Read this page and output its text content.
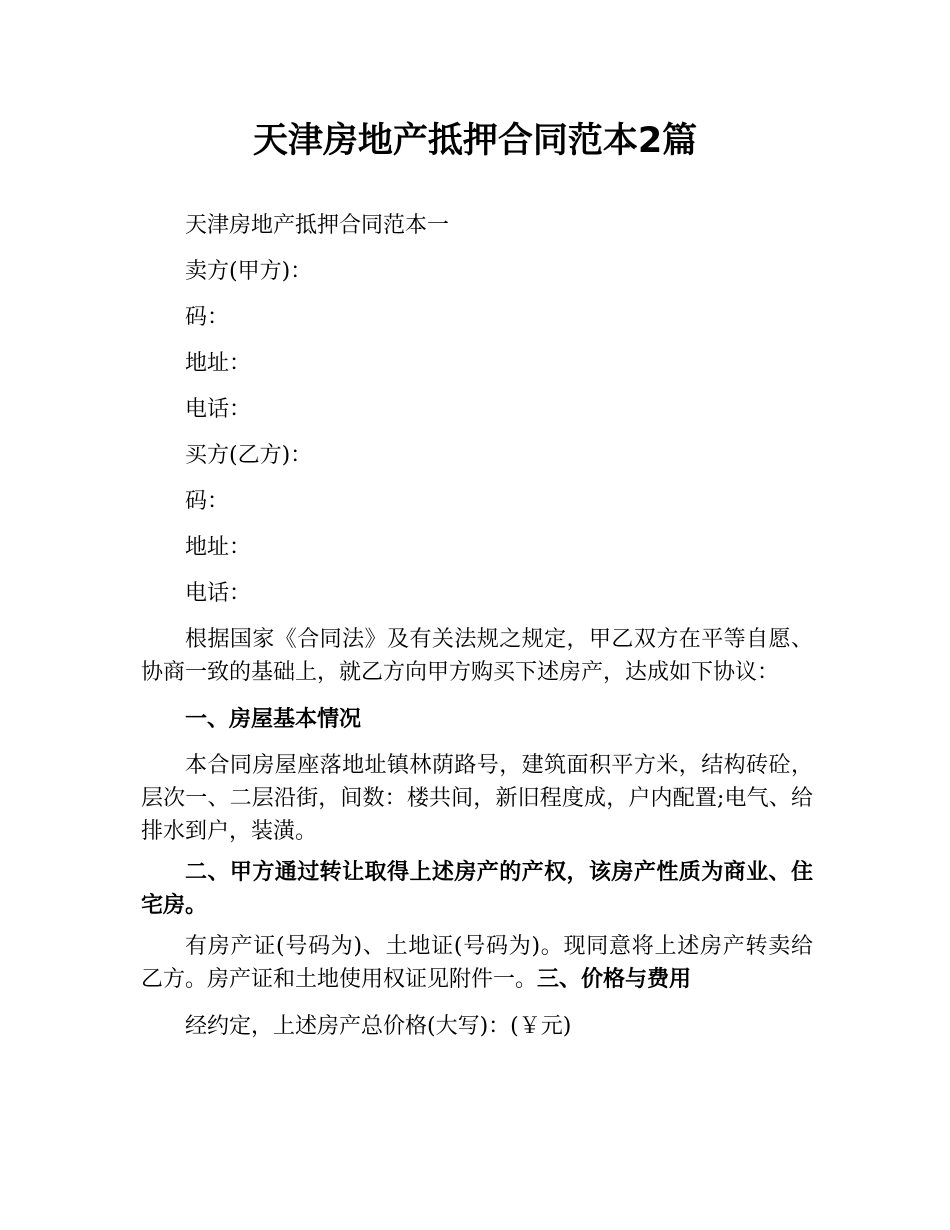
天津房地产抵押合同范本2篇

天津房地产抵押合同范本一

卖方(甲方)：

码：

地址：

电话：

买方(乙方)：

码：

地址：

电话：

根据国家《合同法》及有关法规之规定，甲乙双方在平等自愿、协商一致的基础上，就乙方向甲方购买下述房产，达成如下协议：

一、房屋基本情况

本合同房屋座落地址镇林荫路号，建筑面积平方米，结构砖砼，层次一、二层沿街，间数：楼共间，新旧程度成，户内配置;电气、给排水到户，装潢。

二、甲方通过转让取得上述房产的产权，该房产性质为商业、住宅房。

有房产证(号码为)、土地证(号码为)。现同意将上述房产转卖给乙方。房产证和土地使用权证见附件一。三、价格与费用

经约定，上述房产总价格(大写)：(￥元)
